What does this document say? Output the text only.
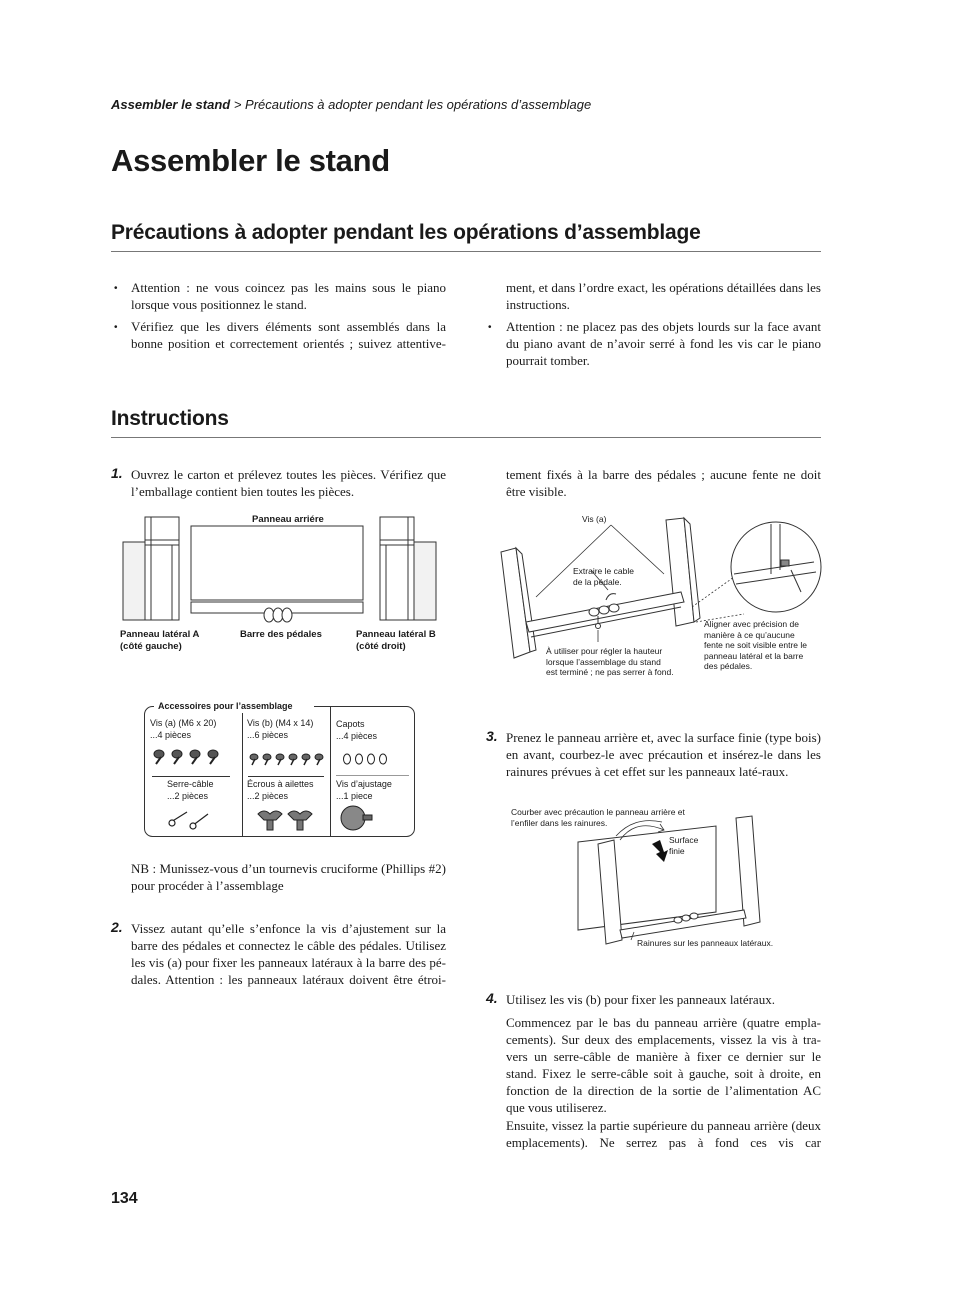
Assembler le stand > Précautions à adopter pendant les opérations d’assemblage
Assembler le stand
Précautions à adopter pendant les opérations d’assemblage
• Attention : ne vous coincez pas les mains sous le piano lorsque vous positionnez le stand.
• Vérifiez que les divers éléments sont assemblés dans la bonne position et correctement orientés ; suivez attentive-
ment, et dans l’ordre exact, les opérations détaillées dans les instructions.
• Attention : ne placez pas des objets lourds sur la face avant du piano avant de n’avoir serré à fond les vis car le piano pourrait tomber.
Instructions
1. Ouvrez le carton et prélevez toutes les pièces. Vérifiez que l’emballage contient bien toutes les pièces.
Panneau arriére
Panneau latéral A
(côté gauche)
Barre des pédales	Panneau latéral B
(côté droit)
Accessoires pour l’assemblage
Vis (a) (M6 x 20)
...4 pièces
Vis (b) (M4 x 14)
...6 pièces
Capots
...4 pièces
Serre-câble
...2 pièces
Écrous à ailettes
...2 pièces
Vis d’ajustage
...1 piece
NB : Munissez-vous d’un tournevis cruciforme (Phillips #2) pour procéder à l’assemblage
2. Vissez autant qu’elle s’enfonce la vis d’ajustement sur la barre des pédales et connectez le câble des pédales. Utilisez les vis (a) pour fixer les panneaux latéraux à la barre des pé-dales. Attention : les panneaux latéraux doivent être étroi-
tement fixés à la barre des pédales ; aucune fente ne doit être visible.
Vis (a)
Extraire le cable
de la pédale.
À utiliser pour régler la hauteur
lorsque l’assemblage du stand
est terminé ; ne pas serrer à fond.
Aligner avec précision de
manière à ce qu’aucune
fente ne soit visible entre le
panneau latéral et la barre
des pédales.
3. Prenez le panneau arrière et, avec la surface finie (type bois) en avant, courbez-le avec précaution et insérez-le dans les rainures prévues à cet effet sur les panneaux laté-raux.
Courber avec précaution le panneau arrière et
l’enfiler dans les rainures.
Surface
finie
Rainures sur les panneaux latéraux.
4. Utilisez les vis (b) pour fixer les panneaux latéraux.
Commencez par le bas du panneau arrière (quatre empla-cements). Sur deux des emplacements, vissez la vis à tra-vers un serre-câble de manière à fixer ce dernier sur le stand. Fixez le serre-câble soit à gauche, soit à droite, en fonction de la direction de la sortie de l’alimentation AC que vous utiliserez.
Ensuite, vissez la partie supérieure du panneau arrière (deux emplacements). Ne serrez pas à fond ces vis car
134
